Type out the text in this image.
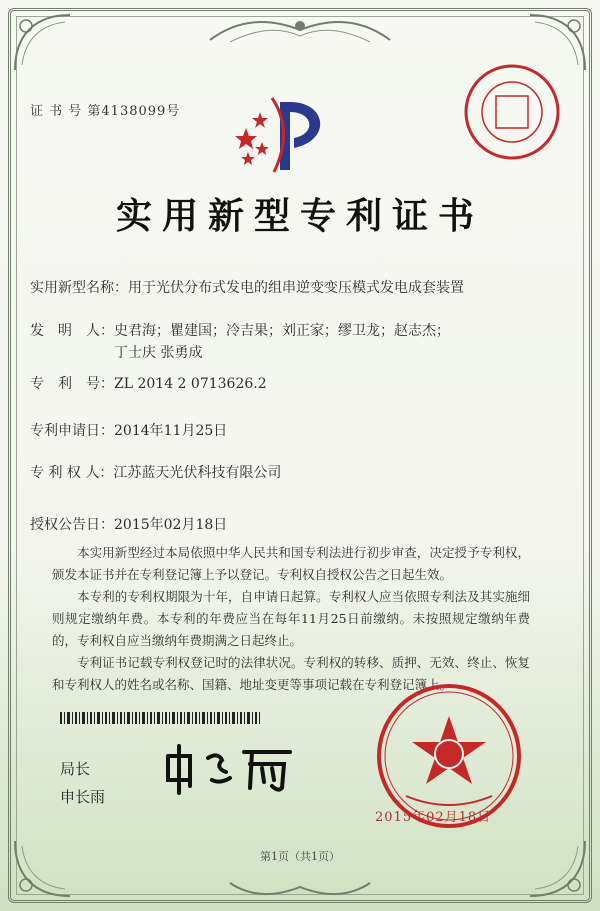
证 书 号 第4138099号
实用新型专利证书
实用新型名称：用于光伏分布式发电的组串逆变变压模式发电成套装置
发　明　人：史君海；瞿建国；冷吉果；刘正家；缪卫龙；赵志杰；丁士庆 张勇成
专　利　号：ZL 2014 2 0713626.2
专利申请日：2014年11月25日
专 利 权 人：江苏蓝天光伏科技有限公司
授权公告日：2015年02月18日

本实用新型经过本局依照中华人民共和国专利法进行初步审查，决定授予专利权，颁发本证书并在专利登记簿上予以登记。专利权自授权公告之日起生效。

本专利的专利权期限为十年，自申请日起算。专利权人应当依照专利法及其实施细则规定缴纳年费。本专利的年费应当在每年11月25日前缴纳。未按照规定缴纳年费的，专利权自应当缴纳年费期满之日起终止。

专利证书记载专利权登记时的法律状况。专利权的转移、质押、无效、终止、恢复和专利权人的姓名或名称、国籍、地址变更等事项记载在专利登记簿上。

局长
申长雨
2015年02月18日
第1页（共1页）
